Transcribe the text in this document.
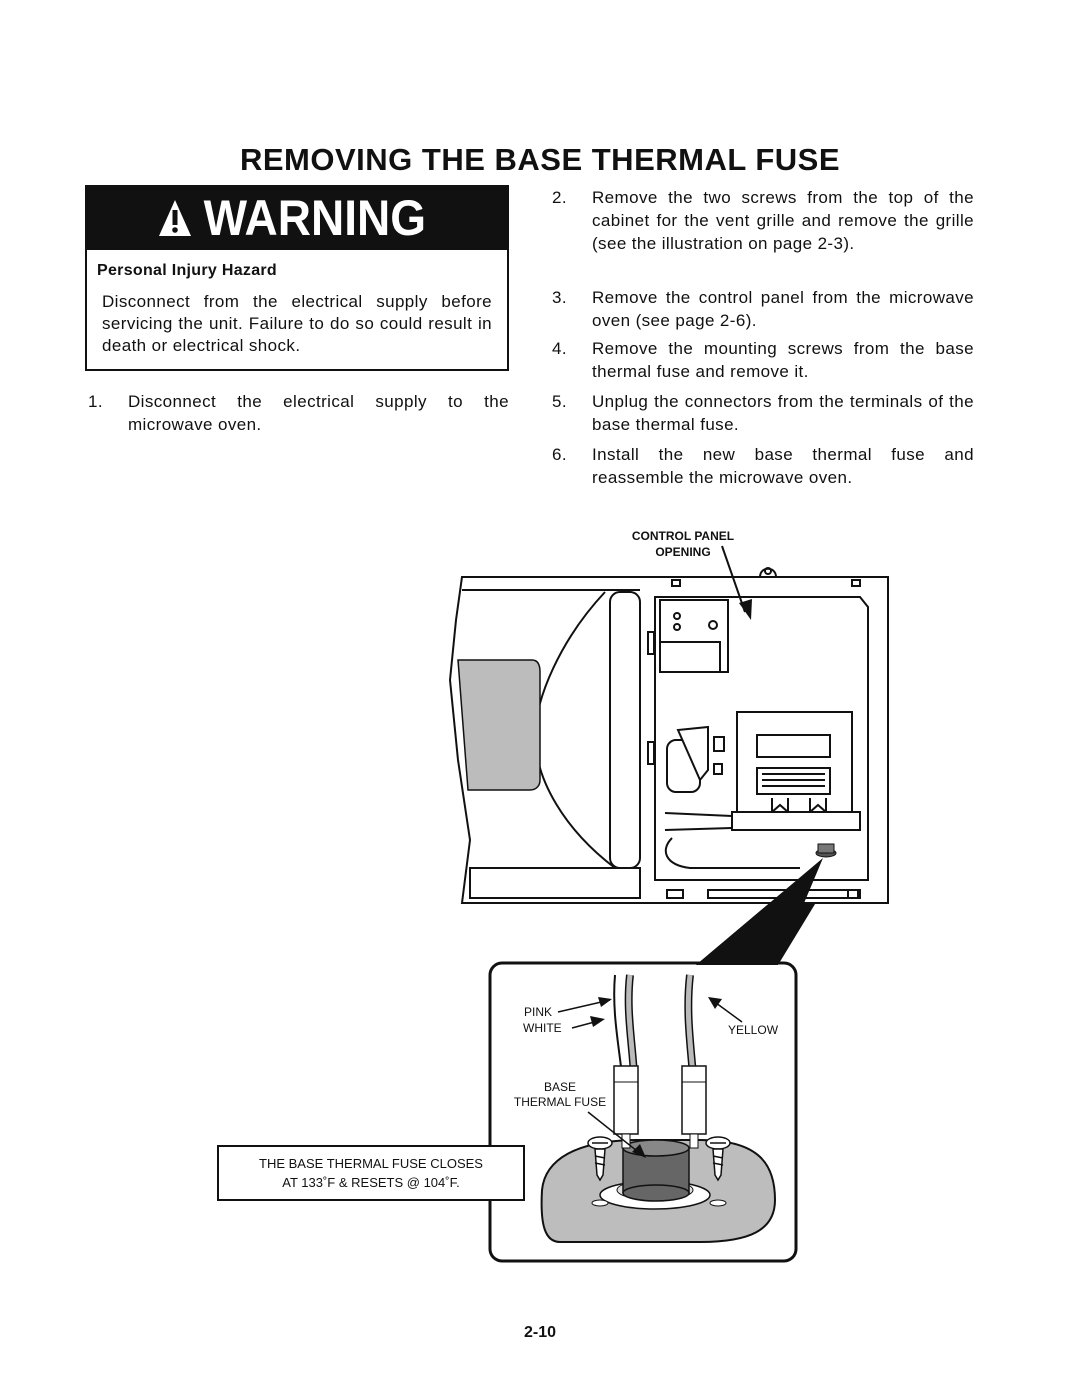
REMOVING THE BASE THERMAL FUSE
WARNING
Disconnect from the electrical supply before servicing the unit. Failure to do so could result in death or electrical shock.
Personal Injury Hazard
1. Disconnect the electrical supply to the microwave oven.
2. Remove the two screws from the top of the cabinet for the vent grille and remove the grille (see the illustration on page 2-3).
3. Remove the control panel from the microwave oven (see page 2-6).
4. Remove the mounting screws from the base thermal fuse and remove it.
5. Unplug the connectors from the terminals of the base thermal fuse.
6. Install the new base thermal fuse and reassemble the microwave oven.
CONTROL PANEL
OPENING
PINK
WHITE	YELLOW
BASE
THERMAL FUSE
THE BASE THERMAL FUSE CLOSES
AT 133˚F & RESETS @ 104˚F.
2-10
